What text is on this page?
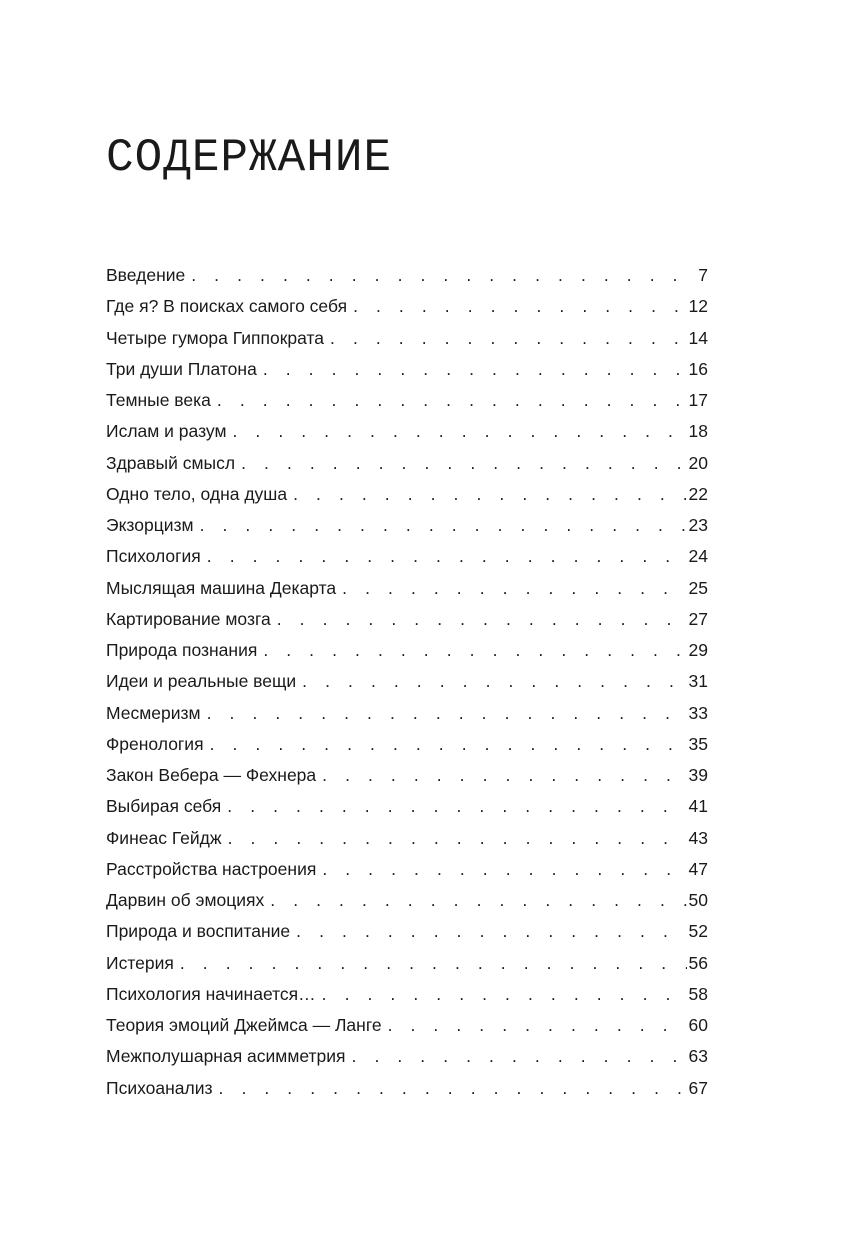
СОДЕРЖАНИЕ
Введение . . .	7
Где я? В поисках самого себя . . .	12
Четыре гумора Гиппократа . . .	14
Три души Платона . . .	16
Темные века . . .	17
Ислам и разум . . .	18
Здравый смысл . . .	20
Одно тело, одна душа . . .	22
Экзорцизм . . .	23
Психология . . .	24
Мыслящая машина Декарта . . .	25
Картирование мозга . . .	27
Природа познания . . .	29
Идеи и реальные вещи . . .	31
Месмеризм . . .	33
Френология . . .	35
Закон Вебера — Фехнера . . .	39
Выбирая себя . . .	41
Финеас Гейдж . . .	43
Расстройства настроения . . .	47
Дарвин об эмоциях . . .	50
Природа и воспитание . . .	52
Истерия . . .	56
Психология начинается… . . .	58
Теория эмоций Джеймса — Ланге . . .	60
Межполушарная асимметрия . . .	63
Психоанализ . . .	67
